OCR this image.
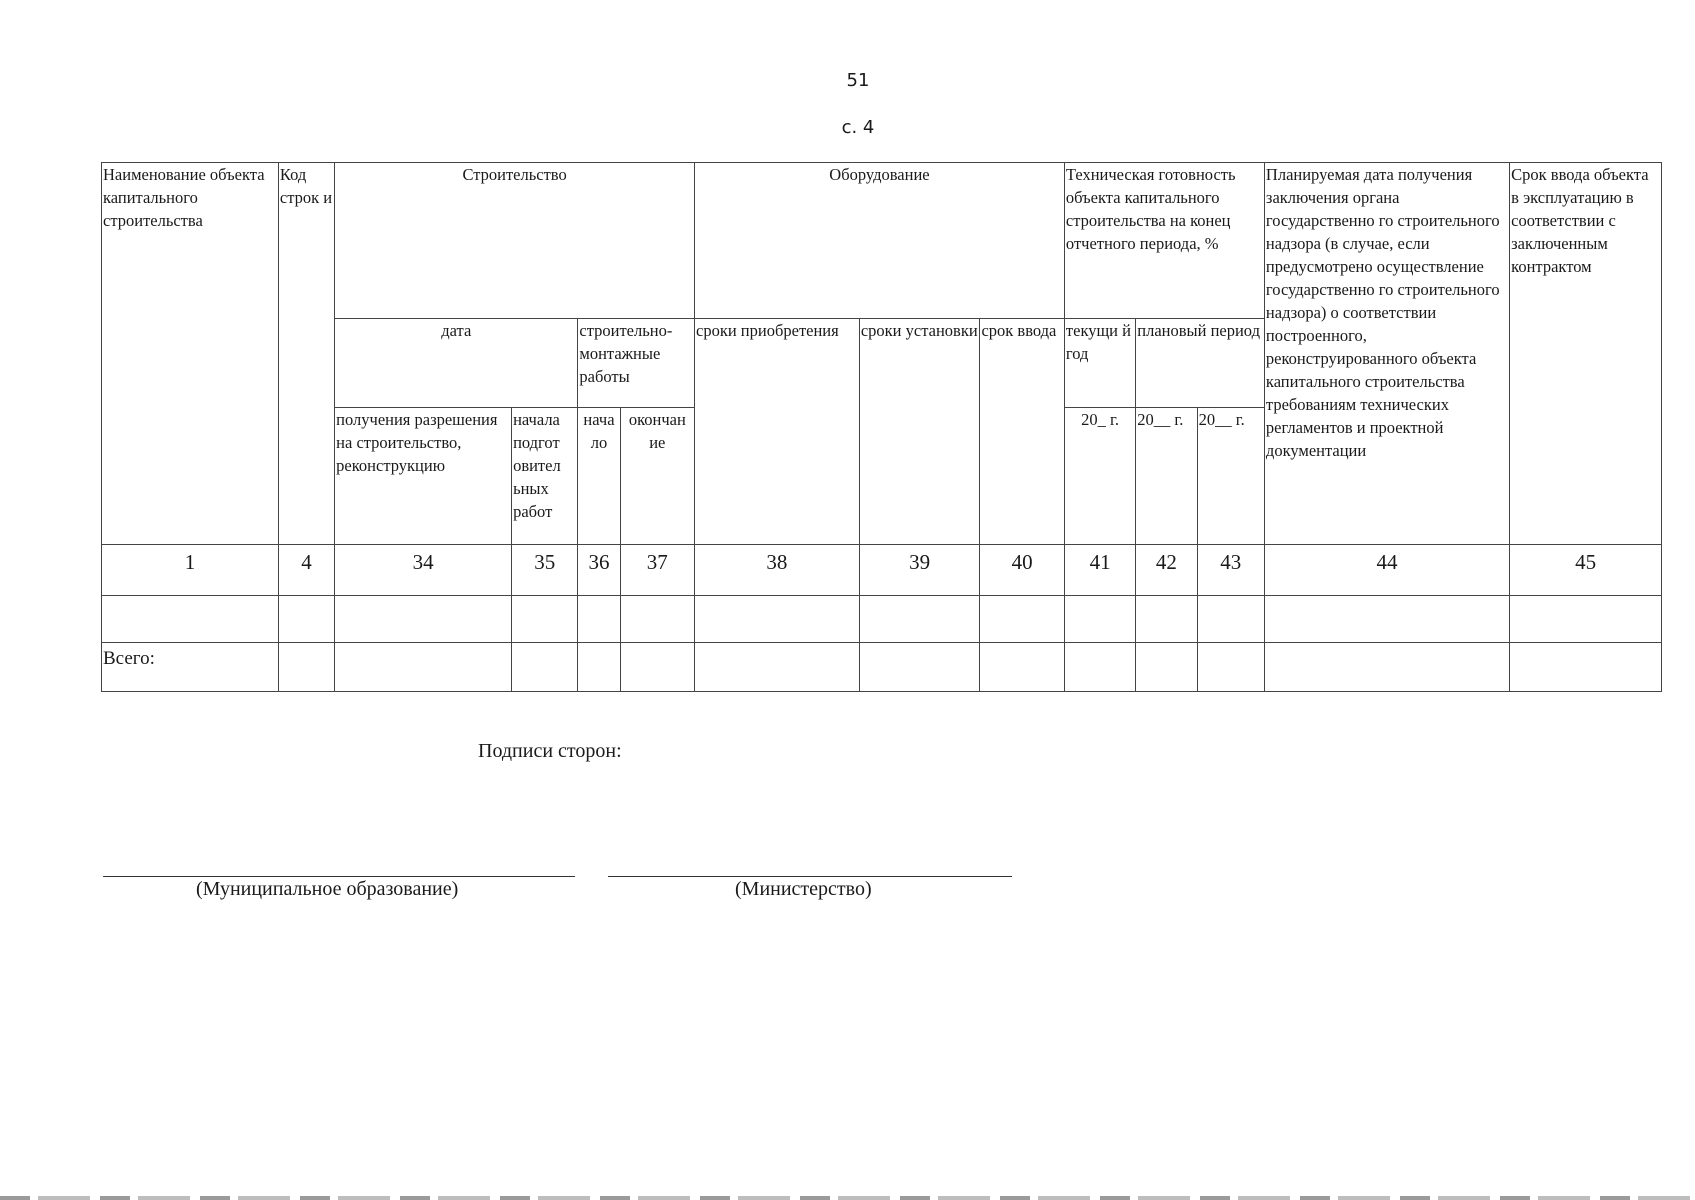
51
с. 4
Наименование объекта капитального строительства	Код строк и	Строительство				Оборудование			Техническая готовность объекта капитального строительства на конец отчетного периода, %			Планируемая дата получения заключения органа государственно го строительного надзора (в случае, если предусмотрено осуществление государственно го строительного надзора) о соответствии построенного, реконструированного объекта капитального строительства требованиям технических регламентов и проектной документации	Срок ввода объекта в эксплуатацию в соответствии с заключенным контрактом
		дата		строительно-монтажные работы		сроки приобретения	сроки установки	срок ввода	текущи й год	плановый период			
		получения разрешения на строительство, реконструкцию	начала подгот овител ьных работ	нача ло	окончан ие				20_ г.	20__ г.	20__ г.		
1	4	34	35	36	37	38	39	40	41	42	43	44	45

Всего:													
Подписи сторон:
(Муниципальное образование)	(Министерство)
